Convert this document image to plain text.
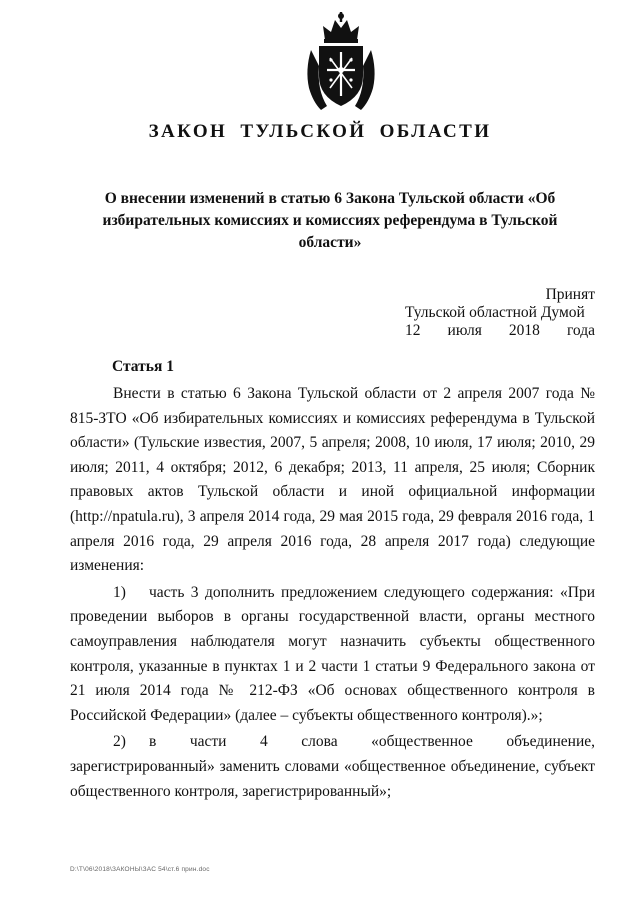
ЗАКОН ТУЛЬСКОЙ ОБЛАСТИ
О внесении изменений в статью 6 Закона Тульской области «Об избирательных комиссиях и комиссиях референдума в Тульской области»
Принят
Тульской областной Думой
12 июля 2018 года
Статья 1

Внести в статью 6 Закона Тульской области от 2 апреля 2007 года № 815-ЗТО «Об избирательных комиссиях и комиссиях референдума в Тульской области» (Тульские известия, 2007, 5 апреля; 2008, 10 июля, 17 июля; 2010, 29 июля; 2011, 4 октября; 2012, 6 декабря; 2013, 11 апреля, 25 июля; Сборник правовых актов Тульской области и иной официальной информации (http://npatula.ru), 3 апреля 2014 года, 29 мая 2015 года, 29 февраля 2016 года, 1 апреля 2016 года, 29 апреля 2016 года, 28 апреля 2017 года) следующие изменения:

1) часть 3 дополнить предложением следующего содержания: «При проведении выборов в органы государственной власти, органы местного самоуправления наблюдателя могут назначить субъекты общественного контроля, указанные в пунктах 1 и 2 части 1 статьи 9 Федерального закона от 21 июля 2014 года № 212-ФЗ «Об основах общественного контроля в Российской Федерации» (далее – субъекты общественного контроля).»;

2) в части 4 слова «общественное объединение, зарегистрированный» заменить словами «общественное объединение, субъект общественного контроля, зарегистрированный»;

D:\Т\06\2018\ЗАКОНЫ\ЗАС 54\ст.6 прин.doc
